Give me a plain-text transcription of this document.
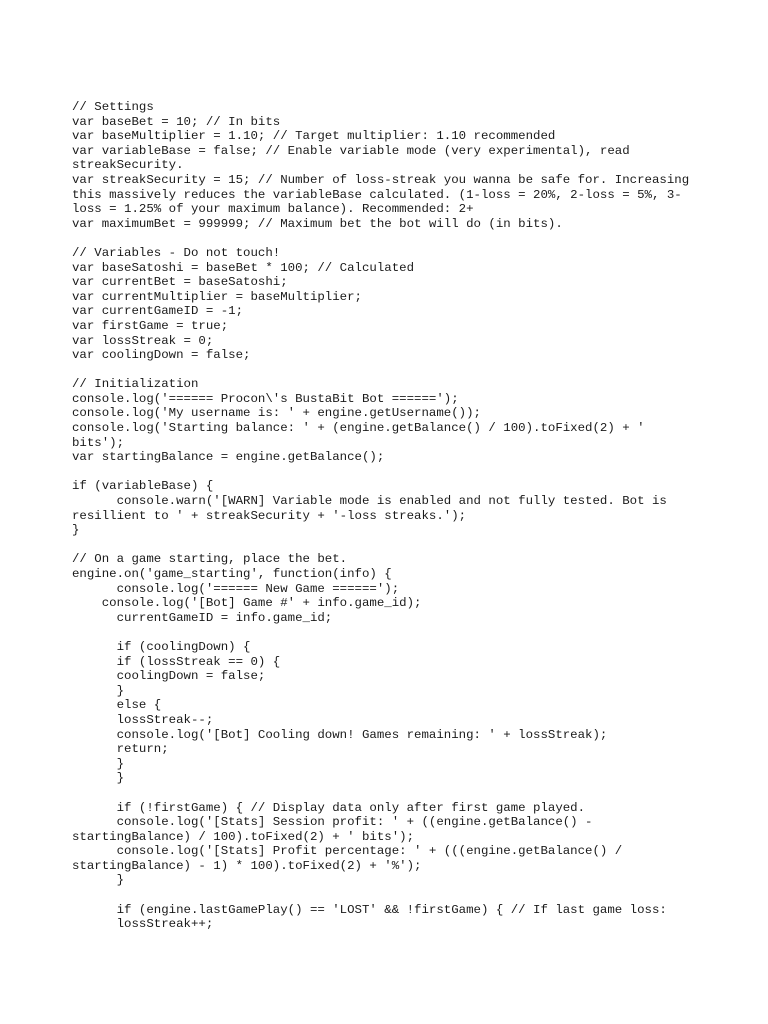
// Settings
var baseBet = 10; // In bits
var baseMultiplier = 1.10; // Target multiplier: 1.10 recommended
var variableBase = false; // Enable variable mode (very experimental), read
streakSecurity.
var streakSecurity = 15; // Number of loss-streak you wanna be safe for. Increasing
this massively reduces the variableBase calculated. (1-loss = 20%, 2-loss = 5%, 3-
loss = 1.25% of your maximum balance). Recommended: 2+
var maximumBet = 999999; // Maximum bet the bot will do (in bits).
// Variables - Do not touch!
var baseSatoshi = baseBet * 100; // Calculated
var currentBet = baseSatoshi;
var currentMultiplier = baseMultiplier;
var currentGameID = -1;
var firstGame = true;
var lossStreak = 0;
var coolingDown = false;
// Initialization
console.log('====== Procon\'s BustaBit Bot ======');
console.log('My username is: ' + engine.getUsername());
console.log('Starting balance: ' + (engine.getBalance() / 100).toFixed(2) + '
bits');
var startingBalance = engine.getBalance();
if (variableBase) {
console.warn('[WARN] Variable mode is enabled and not fully tested. Bot is
resillient to ' + streakSecurity + '-loss streaks.');
}
// On a game starting, place the bet.
engine.on('game_starting', function(info) {
console.log('====== New Game ======');
console.log('[Bot] Game #' + info.game_id);
currentGameID = info.game_id;
if (coolingDown) {
if (lossStreak == 0) {
coolingDown = false;
}
else {
lossStreak--;
console.log('[Bot] Cooling down! Games remaining: ' + lossStreak);
return;
}
}
if (!firstGame) { // Display data only after first game played.
console.log('[Stats] Session profit: ' + ((engine.getBalance() -
startingBalance) / 100).toFixed(2) + ' bits');
console.log('[Stats] Profit percentage: ' + (((engine.getBalance() /
startingBalance) - 1) * 100).toFixed(2) + '%');
}
if (engine.lastGamePlay() == 'LOST' && !firstGame) { // If last game loss:
lossStreak++;
